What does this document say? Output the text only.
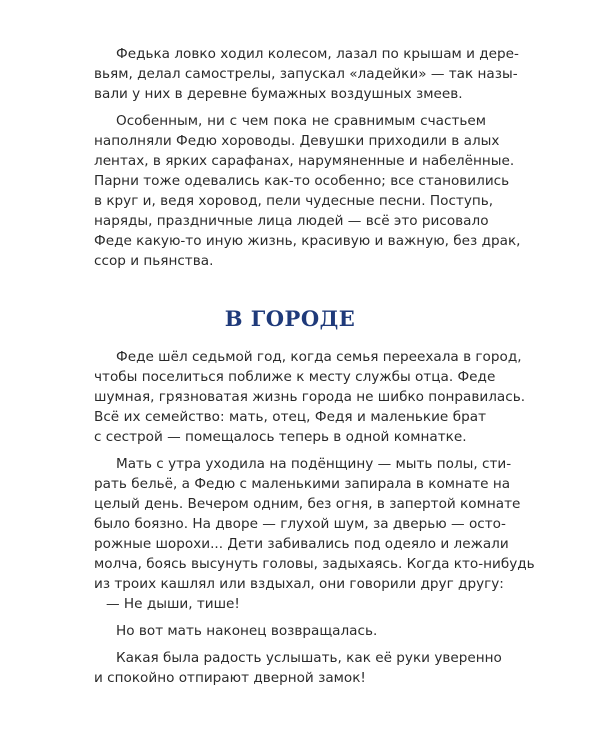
Федька ловко ходил колесом, лазал по крышам и дере-
вьям, делал самострелы, запускал «ладейки» — так назы-
вали у них в деревне бумажных воздушных змеев.

Особенным, ни с чем пока не сравнимым счастьем
наполняли Федю хороводы. Девушки приходили в алых
лентах, в ярких сарафанах, нарумяненные и набелённые.
Парни тоже одевались как-то особенно; все становились
в круг и, ведя хоровод, пели чудесные песни. Поступь,
наряды, праздничные лица людей — всё это рисовало
Феде какую-то иную жизнь, красивую и важную, без драк,
ссор и пьянства.

В ГОРОДЕ

Феде шёл седьмой год, когда семья переехала в город,
чтобы поселиться поближе к месту службы отца. Феде
шумная, грязноватая жизнь города не шибко понравилась.
Всё их семейство: мать, отец, Федя и маленькие брат
с сестрой — помещалось теперь в одной комнатке.

Мать с утра уходила на подёнщину — мыть полы, сти-
рать бельё, а Федю с маленькими запирала в комнате на
целый день. Вечером одним, без огня, в запертой комнате
было боязно. На дворе — глухой шум, за дверью — осто-
рожные шорохи... Дети забивались под одеяло и лежали
молча, боясь высунуть головы, задыхаясь. Когда кто-нибудь
из троих кашлял или вздыхал, они говорили друг другу:

— Не дыши, тише!

Но вот мать наконец возвращалась.

Какая была радость услышать, как её руки уверенно
и спокойно отпирают дверной замок!
